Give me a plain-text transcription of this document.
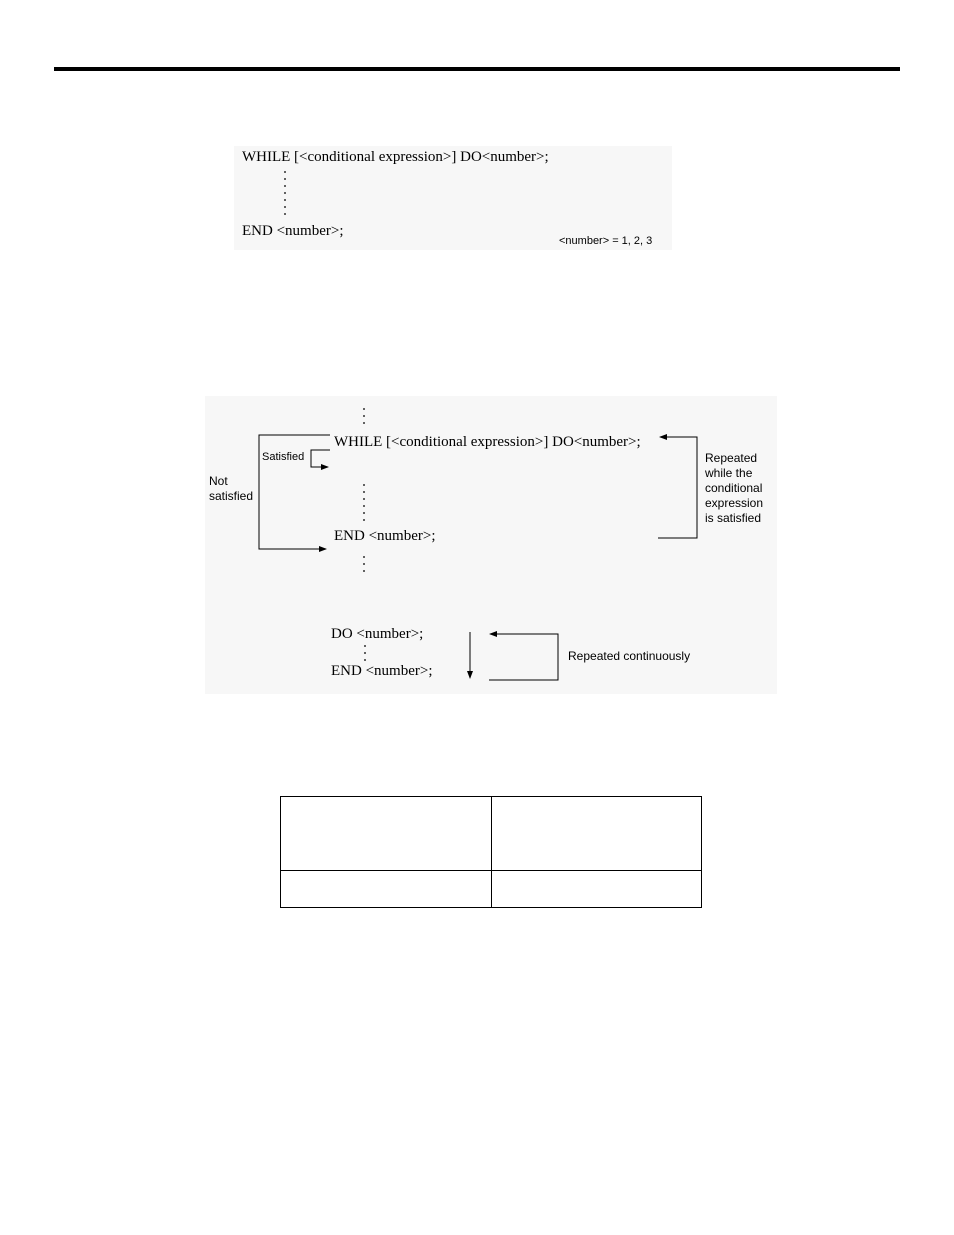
WHILE [<conditional expression>] DO<number>;
END <number>;
<number> = 1, 2, 3
WHILE [<conditional expression>] DO<number>;
Satisfied
Not
satisfied
END <number>;
Repeated
while the
conditional
expression
is satisfied
DO <number>;
END <number>;
Repeated continuously
